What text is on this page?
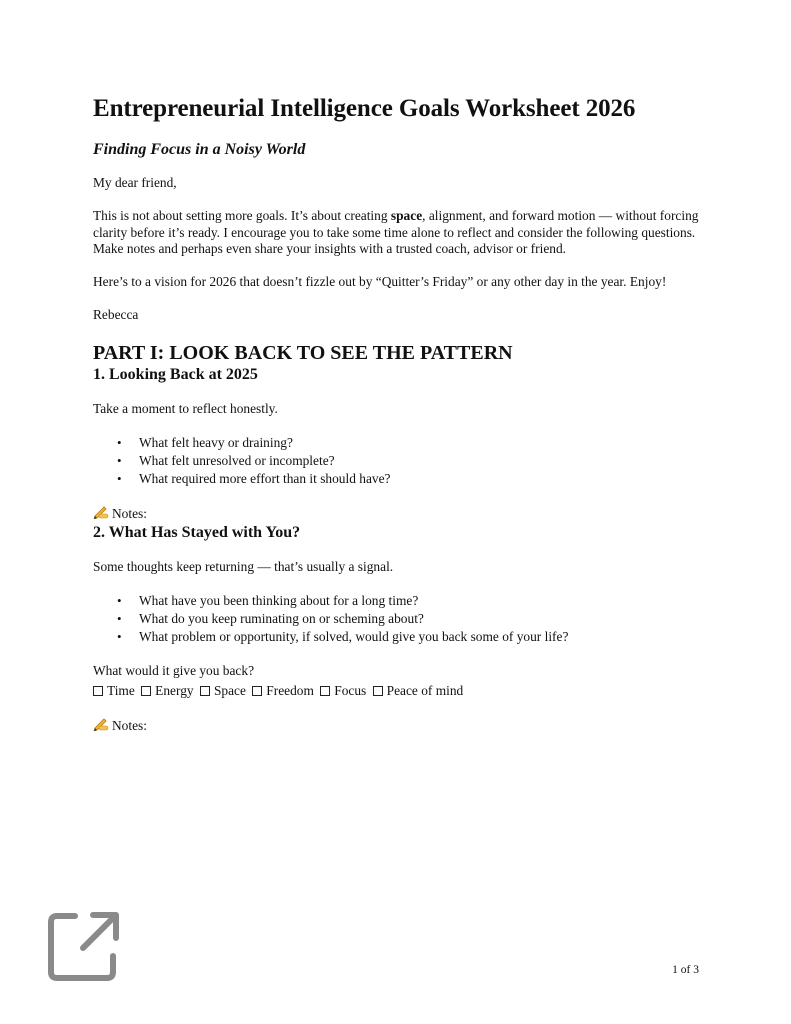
Entrepreneurial Intelligence Goals Worksheet 2026
Finding Focus in a Noisy World

My dear friend,

This is not about setting more goals. It’s about creating space, alignment, and forward motion — without forcing clarity before it’s ready. I encourage you to take some time alone to reflect and consider the following questions. Make notes and perhaps even share your insights with a trusted coach, advisor or friend.

Here’s to a vision for 2026 that doesn’t fizzle out by “Quitter’s Friday” or any other day in the year. Enjoy!

Rebecca

PART I: LOOK BACK TO SEE THE PATTERN
1. Looking Back at 2025

Take a moment to reflect honestly.

• What felt heavy or draining?
• What felt unresolved or incomplete?
• What required more effort than it should have?
Notes:
2. What Has Stayed with You?

Some thoughts keep returning — that’s usually a signal.

• What have you been thinking about for a long time?
• What do you keep ruminating on or scheming about?
• What problem or opportunity, if solved, would give you back some of your life?

What would it give you back?

Time Energy Space Freedom Focus Peace of mind
Notes:
1 of 3
